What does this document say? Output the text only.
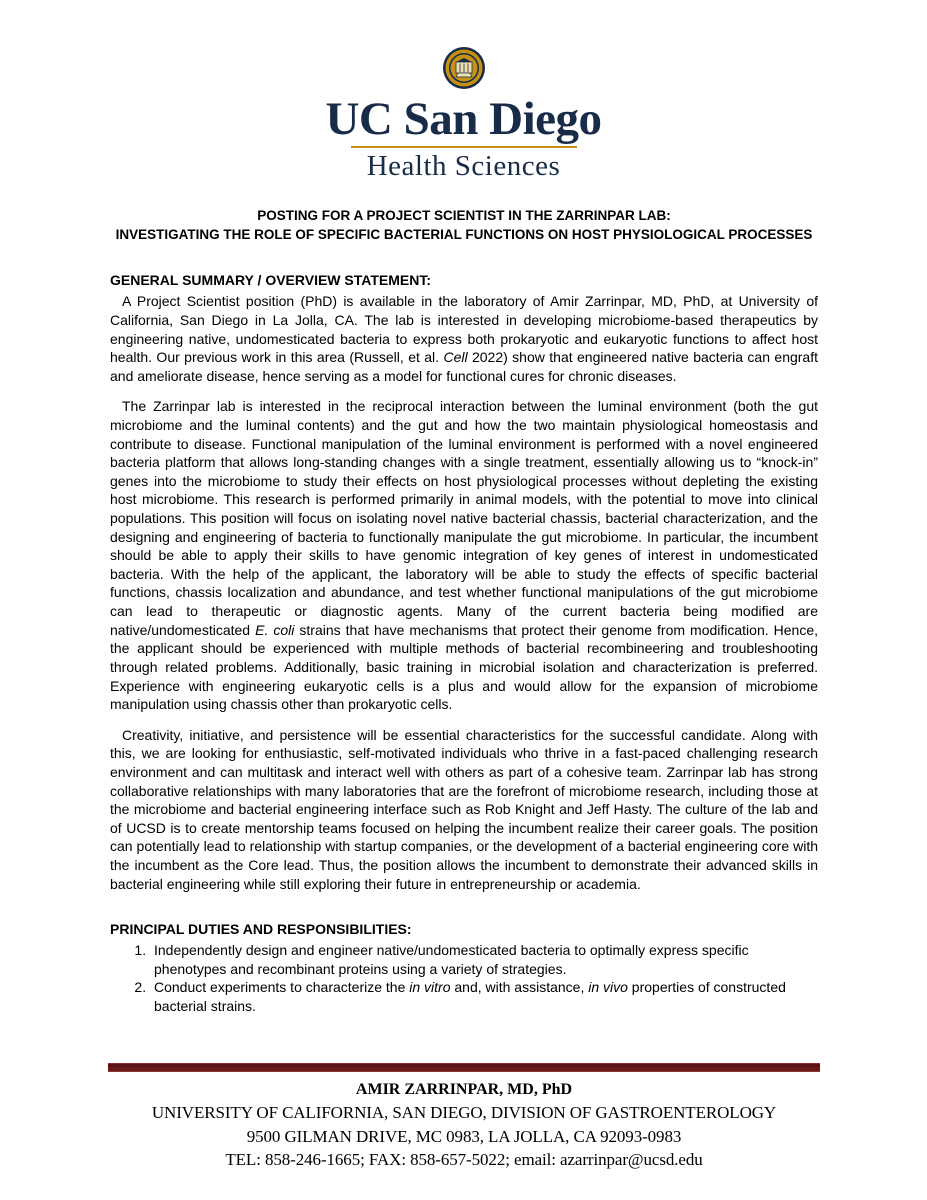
UC San Diego
Health Sciences
POSTING FOR A PROJECT SCIENTIST IN THE ZARRINPAR LAB:
INVESTIGATING THE ROLE OF SPECIFIC BACTERIAL FUNCTIONS ON HOST PHYSIOLOGICAL PROCESSES
GENERAL SUMMARY / OVERVIEW STATEMENT:

A Project Scientist position (PhD) is available in the laboratory of Amir Zarrinpar, MD, PhD, at University of California, San Diego in La Jolla, CA. The lab is interested in developing microbiome-based therapeutics by engineering native, undomesticated bacteria to express both prokaryotic and eukaryotic functions to affect host health. Our previous work in this area (Russell, et al. Cell 2022) show that engineered native bacteria can engraft and ameliorate disease, hence serving as a model for functional cures for chronic diseases.

The Zarrinpar lab is interested in the reciprocal interaction between the luminal environment (both the gut microbiome and the luminal contents) and the gut and how the two maintain physiological homeostasis and contribute to disease. Functional manipulation of the luminal environment is performed with a novel engineered bacteria platform that allows long-standing changes with a single treatment, essentially allowing us to “knock-in” genes into the microbiome to study their effects on host physiological processes without depleting the existing host microbiome. This research is performed primarily in animal models, with the potential to move into clinical populations. This position will focus on isolating novel native bacterial chassis, bacterial characterization, and the designing and engineering of bacteria to functionally manipulate the gut microbiome. In particular, the incumbent should be able to apply their skills to have genomic integration of key genes of interest in undomesticated bacteria. With the help of the applicant, the laboratory will be able to study the effects of specific bacterial functions, chassis localization and abundance, and test whether functional manipulations of the gut microbiome can lead to therapeutic or diagnostic agents. Many of the current bacteria being modified are native/undomesticated E. coli strains that have mechanisms that protect their genome from modification. Hence, the applicant should be experienced with multiple methods of bacterial recombineering and troubleshooting through related problems. Additionally, basic training in microbial isolation and characterization is preferred. Experience with engineering eukaryotic cells is a plus and would allow for the expansion of microbiome manipulation using chassis other than prokaryotic cells.

Creativity, initiative, and persistence will be essential characteristics for the successful candidate. Along with this, we are looking for enthusiastic, self-motivated individuals who thrive in a fast-paced challenging research environment and can multitask and interact well with others as part of a cohesive team. Zarrinpar lab has strong collaborative relationships with many laboratories that are the forefront of microbiome research, including those at the microbiome and bacterial engineering interface such as Rob Knight and Jeff Hasty. The culture of the lab and of UCSD is to create mentorship teams focused on helping the incumbent realize their career goals. The position can potentially lead to relationship with startup companies, or the development of a bacterial engineering core with the incumbent as the Core lead. Thus, the position allows the incumbent to demonstrate their advanced skills in bacterial engineering while still exploring their future in entrepreneurship or academia.

PRINCIPAL DUTIES AND RESPONSIBILITIES:
1. Independently design and engineer native/undomesticated bacteria to optimally express specific phenotypes and recombinant proteins using a variety of strategies.
2. Conduct experiments to characterize the in vitro and, with assistance, in vivo properties of constructed bacterial strains.
AMIR ZARRINPAR, MD, PhD
UNIVERSITY OF CALIFORNIA, SAN DIEGO, DIVISION OF GASTROENTEROLOGY
9500 GILMAN DRIVE, MC 0983, LA JOLLA, CA 92093-0983
TEL: 858-246-1665; FAX: 858-657-5022; email: azarrinpar@ucsd.edu
